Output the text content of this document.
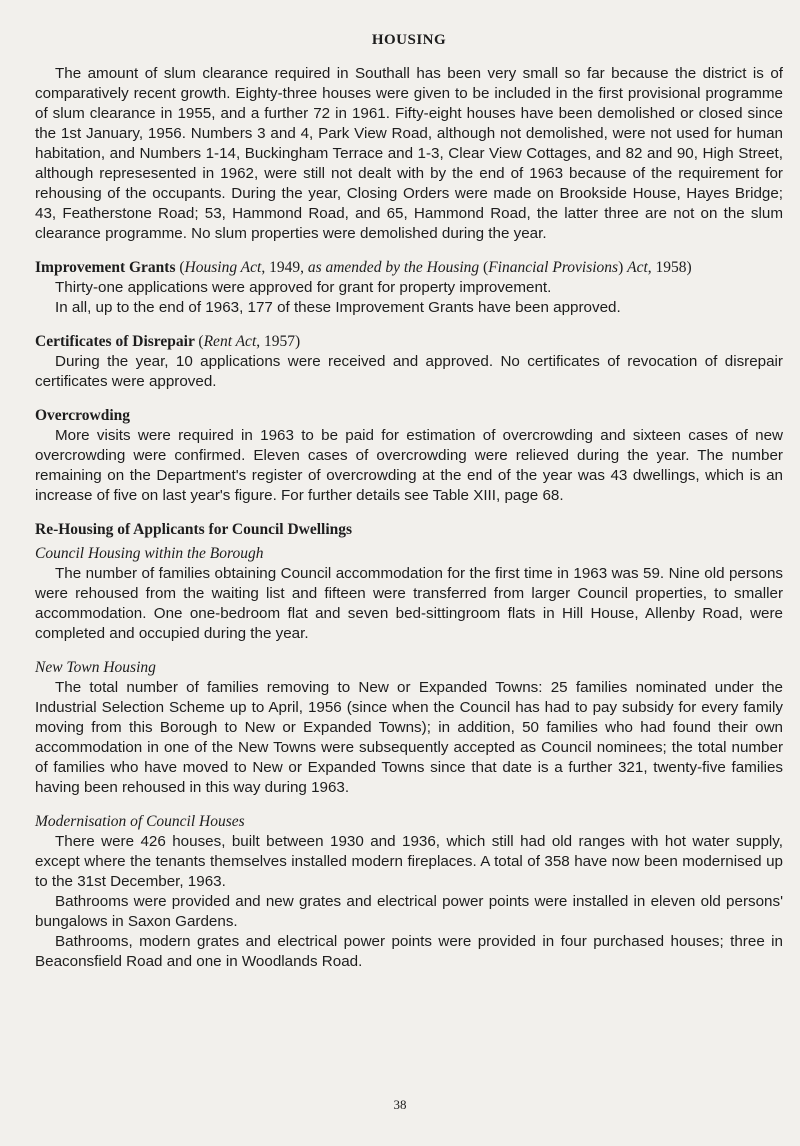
HOUSING

The amount of slum clearance required in Southall has been very small so far because the district is of comparatively recent growth. Eighty-three houses were given to be included in the first provisional programme of slum clearance in 1955, and a further 72 in 1961. Fifty-eight houses have been demolished or closed since the 1st January, 1956. Numbers 3 and 4, Park View Road, although not demolished, were not used for human habitation, and Numbers 1-14, Buckingham Terrace and 1-3, Clear View Cottages, and 82 and 90, High Street, although represesented in 1962, were still not dealt with by the end of 1963 because of the requirement for rehousing of the occupants. During the year, Closing Orders were made on Brookside House, Hayes Bridge; 43, Featherstone Road; 53, Hammond Road, and 65, Hammond Road, the latter three are not on the slum clearance programme. No slum properties were demolished during the year.

Improvement Grants (Housing Act, 1949, as amended by the Housing (Financial Provisions) Act, 1958)

Thirty-one applications were approved for grant for property improvement.

In all, up to the end of 1963, 177 of these Improvement Grants have been approved.

Certificates of Disrepair (Rent Act, 1957)

During the year, 10 applications were received and approved. No certificates of revocation of disrepair certificates were approved.

Overcrowding

More visits were required in 1963 to be paid for estimation of overcrowding and sixteen cases of new overcrowding were confirmed. Eleven cases of overcrowding were relieved during the year. The number remaining on the Department's register of overcrowding at the end of the year was 43 dwellings, which is an increase of five on last year's figure. For further details see Table XIII, page 68.

Re-Housing of Applicants for Council Dwellings
Council Housing within the Borough

The number of families obtaining Council accommodation for the first time in 1963 was 59. Nine old persons were rehoused from the waiting list and fifteen were transferred from larger Council properties, to smaller accommodation. One one-bedroom flat and seven bed-sittingroom flats in Hill House, Allenby Road, were completed and occupied during the year.

New Town Housing

The total number of families removing to New or Expanded Towns: 25 families nominated under the Industrial Selection Scheme up to April, 1956 (since when the Council has had to pay subsidy for every family moving from this Borough to New or Expanded Towns); in addition, 50 families who had found their own accommodation in one of the New Towns were subsequently accepted as Council nominees; the total number of families who have moved to New or Expanded Towns since that date is a further 321, twenty-five families having been rehoused in this way during 1963.

Modernisation of Council Houses

There were 426 houses, built between 1930 and 1936, which still had old ranges with hot water supply, except where the tenants themselves installed modern fireplaces. A total of 358 have now been modernised up to the 31st December, 1963.

Bathrooms were provided and new grates and electrical power points were installed in eleven old persons' bungalows in Saxon Gardens.

Bathrooms, modern grates and electrical power points were provided in four purchased houses; three in Beaconsfield Road and one in Woodlands Road.

38
